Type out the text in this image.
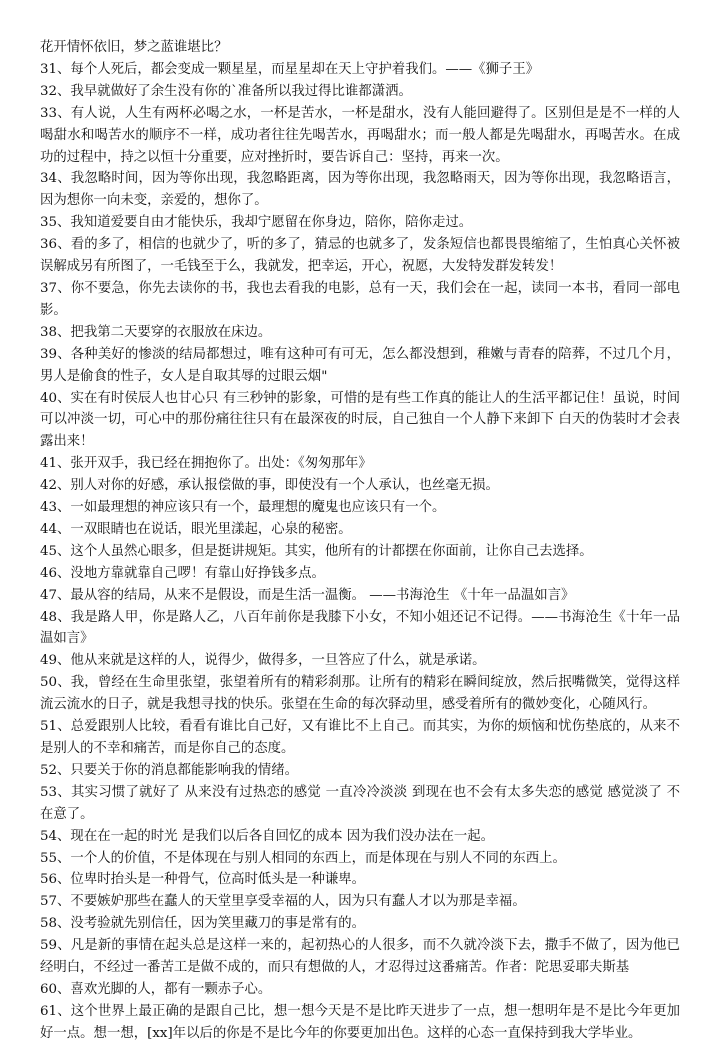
花开情怀依旧，梦之蓝谁堪比？

31、每个人死后，都会变成一颗星星，而星星却在天上守护着我们。——《狮子王》

32、我早就做好了余生没有你的`准备所以我过得比谁都潇洒。

33、有人说，人生有两杯必喝之水，一杯是苦水，一杯是甜水，没有人能回避得了。区别但是是不一样的人喝甜水和喝苦水的顺序不一样，成功者往往先喝苦水，再喝甜水；而一般人都是先喝甜水，再喝苦水。在成功的过程中，持之以恒十分重要，应对挫折时，要告诉自己：坚持，再来一次。

34、我忽略时间，因为等你出现，我忽略距离，因为等你出现，我忽略雨天，因为等你出现，我忽略语言，因为想你一向未变，亲爱的，想你了。

35、我知道爱要自由才能快乐，我却宁愿留在你身边，陪你，陪你走过。

36、看的多了，相信的也就少了，听的多了，猜忌的也就多了，发条短信也都畏畏缩缩了，生怕真心关怀被误解成另有所图了，一毛钱至于么，我就发，把幸运，开心，祝愿，大发特发群发转发！

37、你不要急，你先去读你的书，我也去看我的电影，总有一天，我们会在一起，读同一本书，看同一部电影。

38、把我第二天要穿的衣服放在床边。

39、各种美好的惨淡的结局都想过，唯有这种可有可无，怎么都没想到，稚嫩与青春的陪葬，不过几个月，男人是偷食的性子，女人是自取其辱的过眼云烟"

40、实在有时侯辰人也甘心只 有三秒钟的影象，可惜的是有些工作真的能让人的生活平都记住！虽说，时间可以冲淡一切，可心中的那份痛往往只有在最深夜的时辰，自己独自一个人静下来卸下 白天的伪装时才会表露出来！

41、张开双手，我已经在拥抱你了。出处：《匆匆那年》

42、别人对你的好感，承认报偿做的事，即使没有一个人承认，也丝毫无损。

43、一如最理想的神应该只有一个，最理想的魔鬼也应该只有一个。

44、一双眼睛也在说话，眼光里漾起，心泉的秘密。

45、这个人虽然心眼多，但是挺讲规矩。其实，他所有的计都摆在你面前，让你自己去选择。

46、没地方靠就靠自己啰！有靠山好挣钱多点。

47、最从容的结局，从来不是假设，而是生活一温衡。 ——书海沧生 《十年一品温如言》

48、我是路人甲，你是路人乙，八百年前你是我膝下小女，不知小姐还记不记得。——书海沧生《十年一品温如言》

49、他从来就是这样的人，说得少，做得多，一旦答应了什么，就是承诺。

50、我，曾经在生命里张望，张望着所有的精彩刹那。让所有的精彩在瞬间绽放，然后抿嘴微笑，觉得这样流云流水的日子，就是我想寻找的快乐。张望在生命的每次驿动里，感受着所有的微妙变化，心随风行。

51、总爱跟别人比较，看看有谁比自己好，又有谁比不上自己。而其实，为你的烦恼和忧伤垫底的，从来不是别人的不幸和痛苦，而是你自己的态度。

52、只要关于你的消息都能影响我的情绪。

53、其实习惯了就好了 从来没有过热恋的感觉 一直冷冷淡淡 到现在也不会有太多失恋的感觉 感觉淡了 不在意了。

54、现在在一起的时光 是我们以后各自回忆的成本 因为我们没办法在一起。

55、一个人的价值，不是体现在与别人相同的东西上，而是体现在与别人不同的东西上。

56、位卑时抬头是一种骨气，位高时低头是一种谦卑。

57、不要嫉妒那些在蠢人的天堂里享受幸福的人，因为只有蠢人才以为那是幸福。

58、没考验就先别信任，因为笑里藏刀的事是常有的。

59、凡是新的事情在起头总是这样一来的，起初热心的人很多，而不久就冷淡下去，撒手不做了，因为他已经明白，不经过一番苦工是做不成的，而只有想做的人，才忍得过这番痛苦。作者：陀思妥耶夫斯基

60、喜欢光脚的人，都有一颗赤子心。

61、这个世界上最正确的是跟自己比，想一想今天是不是比昨天进步了一点，想一想明年是不是比今年更加好一点。想一想，[xx]年以后的你是不是比今年的你要更加出色。这样的心态一直保持到我大学毕业。
